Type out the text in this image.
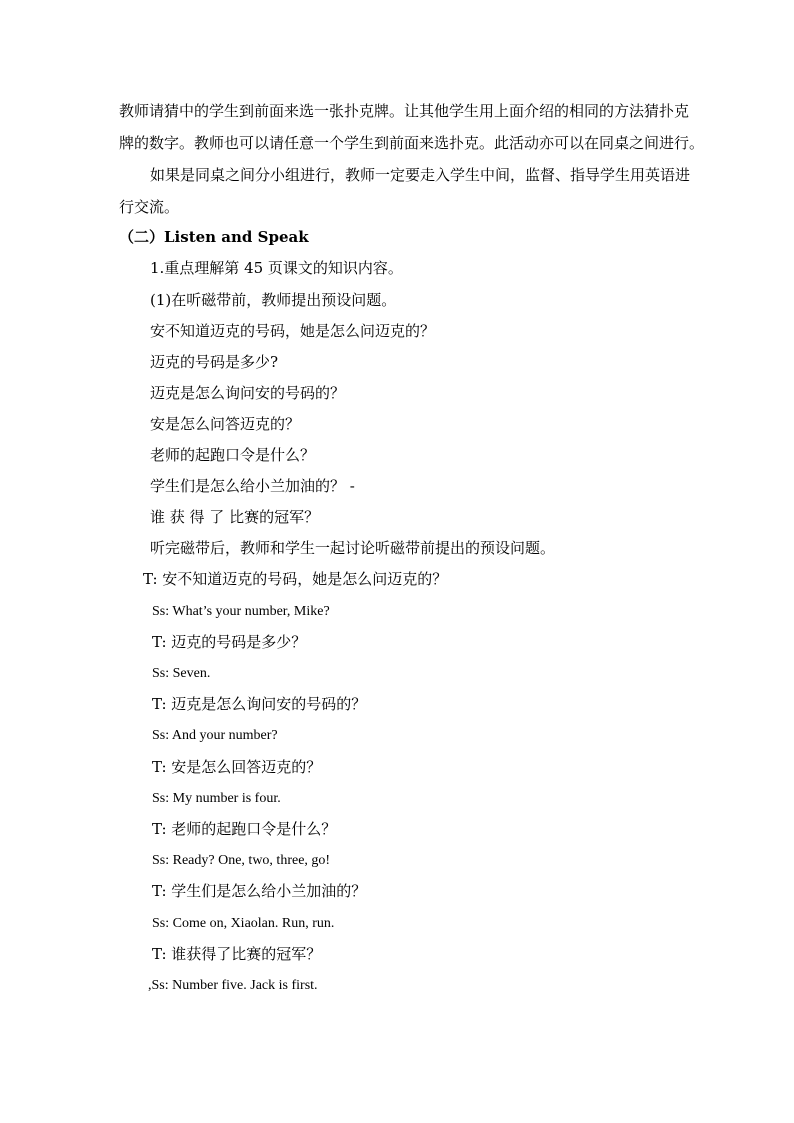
教师请猜中的学生到前面来选一张扑克牌。让其他学生用上面介绍的相同的方法猜扑克
牌的数字。教师也可以请任意一个学生到前面来选扑克。此活动亦可以在同桌之间进行。
如果是同桌之间分小组进行，教师一定要走入学生中间，监督、指导学生用英语进
行交流。
（二）Listen and Speak
1.重点理解第 45 页课文的知识内容。
(1)在听磁带前，教师提出预设问题。
安不知道迈克的号码，她是怎么问迈克的？
迈克的号码是多少?
迈克是怎么询问安的号码的？
安是怎么问答迈克的？
老师的起跑口令是什么？
学生们是怎么给小兰加油的？ -
谁 获 得 了 比赛的冠军？
听完磁带后，教师和学生一起讨论听磁带前提出的预设问题。
T: 安不知道迈克的号码，她是怎么问迈克的？
Ss: What’s your number, Mike?
T: 迈克的号码是多少？
Ss: Seven.
T: 迈克是怎么询问安的号码的？
Ss: And your number?
T: 安是怎么回答迈克的？
Ss: My number is four.
T: 老师的起跑口令是什么？
Ss: Ready? One, two, three, go!
T: 学生们是怎么给小兰加油的？
Ss: Come on, Xiaolan. Run, run.
T: 谁获得了比赛的冠军？
,Ss: Number five. Jack is first.
